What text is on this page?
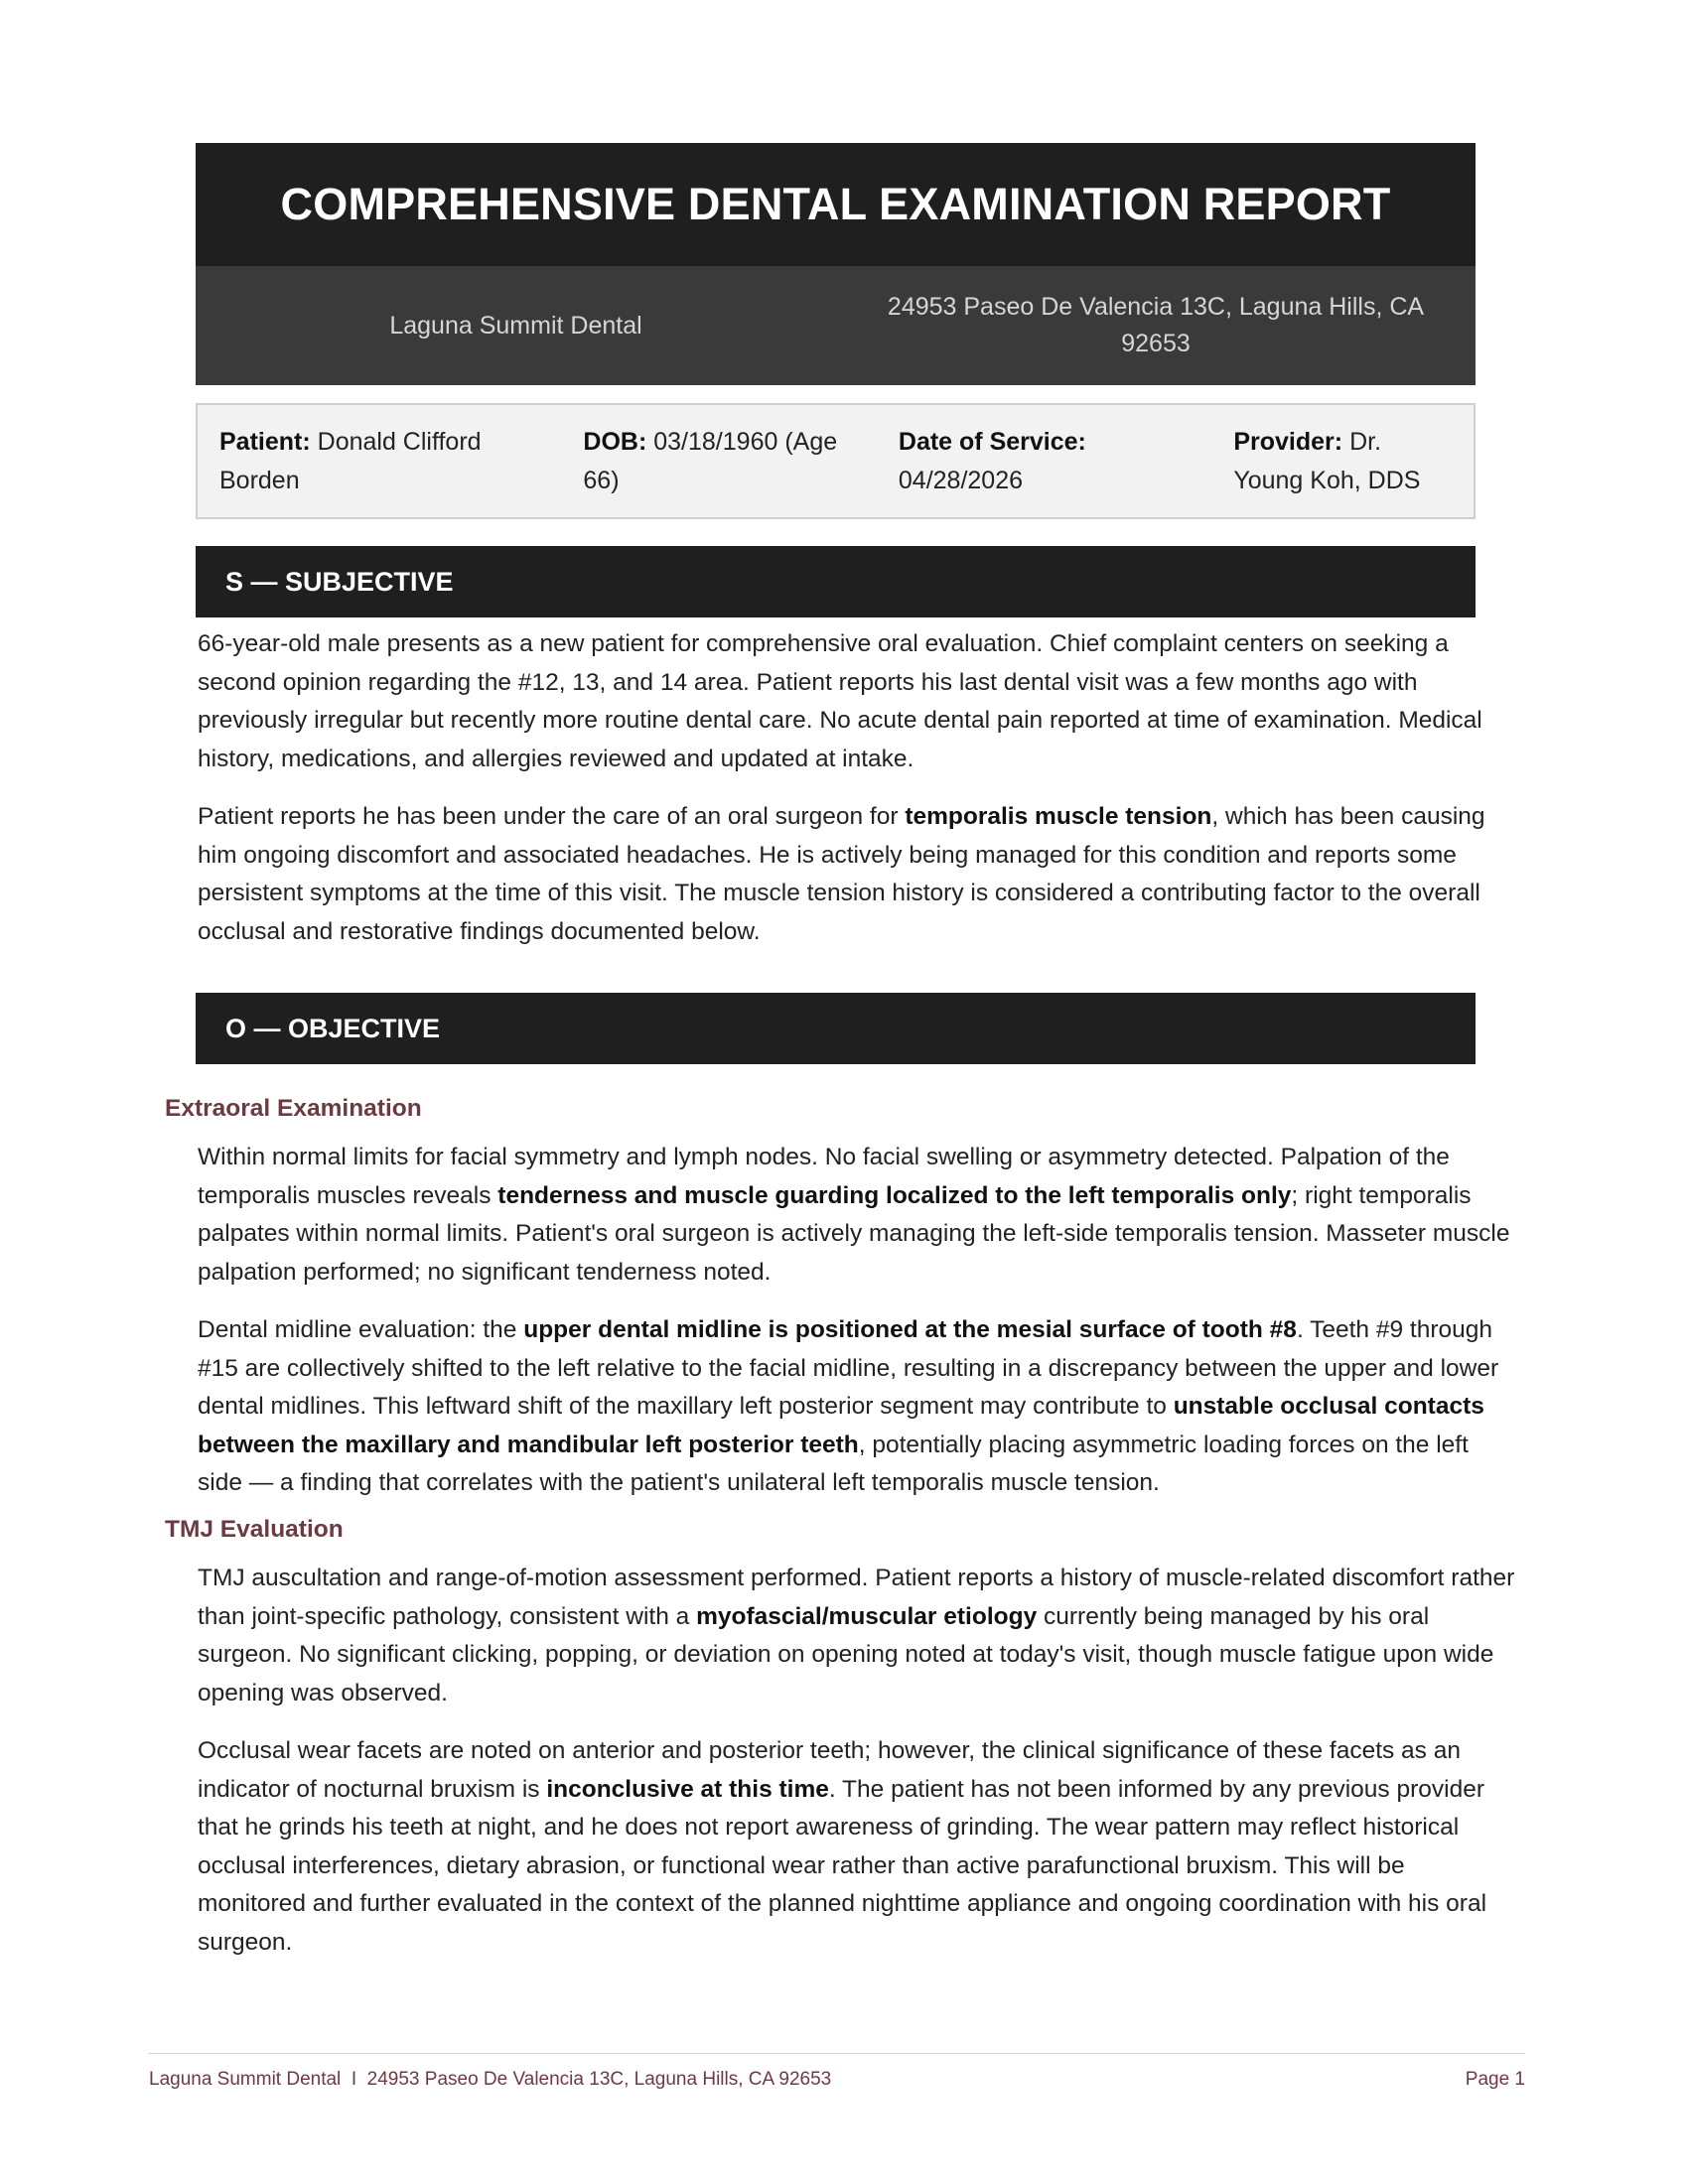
COMPREHENSIVE DENTAL EXAMINATION REPORT
Laguna Summit Dental
24953 Paseo De Valencia 13C, Laguna Hills, CA 92653
Patient: Donald Clifford Borden
DOB: 03/18/1960 (Age 66)
Date of Service: 04/28/2026
Provider: Dr. Young Koh, DDS
S — SUBJECTIVE

66-year-old male presents as a new patient for comprehensive oral evaluation. Chief complaint centers on seeking a second opinion regarding the #12, 13, and 14 area. Patient reports his last dental visit was a few months ago with previously irregular but recently more routine dental care. No acute dental pain reported at time of examination. Medical history, medications, and allergies reviewed and updated at intake.

Patient reports he has been under the care of an oral surgeon for temporalis muscle tension, which has been causing him ongoing discomfort and associated headaches. He is actively being managed for this condition and reports some persistent symptoms at the time of this visit. The muscle tension history is considered a contributing factor to the overall occlusal and restorative findings documented below.

O — OBJECTIVE
Extraoral Examination

Within normal limits for facial symmetry and lymph nodes. No facial swelling or asymmetry detected. Palpation of the temporalis muscles reveals tenderness and muscle guarding localized to the left temporalis only; right temporalis palpates within normal limits. Patient's oral surgeon is actively managing the left-side temporalis tension. Masseter muscle palpation performed; no significant tenderness noted.

Dental midline evaluation: the upper dental midline is positioned at the mesial surface of tooth #8. Teeth #9 through #15 are collectively shifted to the left relative to the facial midline, resulting in a discrepancy between the upper and lower dental midlines. This leftward shift of the maxillary left posterior segment may contribute to unstable occlusal contacts between the maxillary and mandibular left posterior teeth, potentially placing asymmetric loading forces on the left side — a finding that correlates with the patient's unilateral left temporalis muscle tension.

TMJ Evaluation

TMJ auscultation and range-of-motion assessment performed. Patient reports a history of muscle-related discomfort rather than joint-specific pathology, consistent with a myofascial/muscular etiology currently being managed by his oral surgeon. No significant clicking, popping, or deviation on opening noted at today's visit, though muscle fatigue upon wide opening was observed.

Occlusal wear facets are noted on anterior and posterior teeth; however, the clinical significance of these facets as an indicator of nocturnal bruxism is inconclusive at this time. The patient has not been informed by any previous provider that he grinds his teeth at night, and he does not report awareness of grinding. The wear pattern may reflect historical occlusal interferences, dietary abrasion, or functional wear rather than active parafunctional bruxism. This will be monitored and further evaluated in the context of the planned nighttime appliance and ongoing coordination with his oral surgeon.

Laguna Summit Dental  I  24953 Paseo De Valencia 13C, Laguna Hills, CA 92653	Page 1
